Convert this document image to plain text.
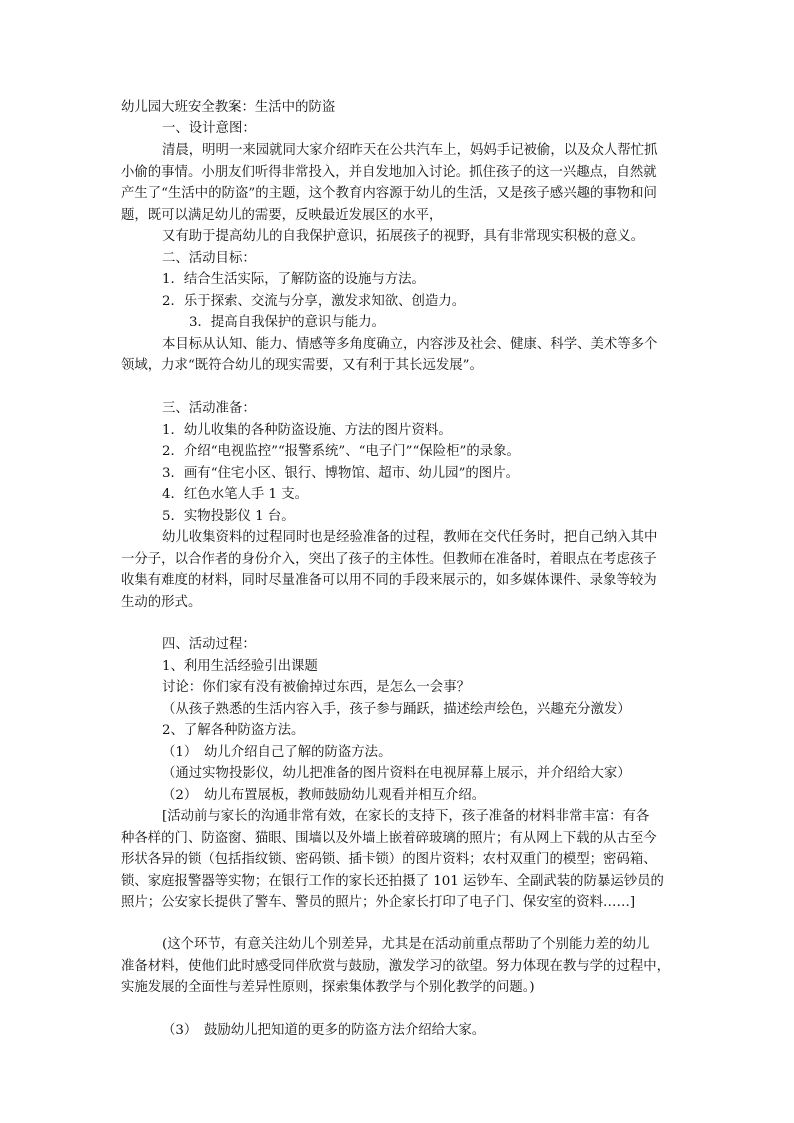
幼儿园大班安全教案：生活中的防盗
一、设计意图：
清晨，明明一来园就同大家介绍昨天在公共汽车上，妈妈手记被偷，以及众人帮忙抓
小偷的事情。小朋友们听得非常投入，并自发地加入讨论。抓住孩子的这一兴趣点，自然就
产生了“生活中的防盗”的主题，这个教育内容源于幼儿的生活，又是孩子感兴趣的事物和问
题，既可以满足幼儿的需要，反映最近发展区的水平，
又有助于提高幼儿的自我保护意识，拓展孩子的视野，具有非常现实积极的意义。
二、活动目标：
1．结合生活实际，了解防盗的设施与方法。
2．乐于探索、交流与分享，激发求知欲、创造力。
3．提高自我保护的意识与能力。
本目标从认知、能力、情感等多角度确立，内容涉及社会、健康、科学、美术等多个
领域，力求“既符合幼儿的现实需要，又有利于其长远发展”。
三、活动准备：
1．幼儿收集的各种防盗设施、方法的图片资料。
2．介绍“电视监控”“报警系统”、“电子门”“保险柜”的录象。
3．画有“住宅小区、银行、博物馆、超市、幼儿园”的图片。
4．红色水笔人手 1 支。
5．实物投影仪 1 台。
幼儿收集资料的过程同时也是经验准备的过程，教师在交代任务时，把自己纳入其中
一分子，以合作者的身份介入，突出了孩子的主体性。但教师在准备时，着眼点在考虑孩子
收集有难度的材料，同时尽量准备可以用不同的手段来展示的，如多媒体课件、录象等较为
生动的形式。
四、活动过程：
1、利用生活经验引出课题
讨论：你们家有没有被偷掉过东西，是怎么一会事？
（从孩子熟悉的生活内容入手，孩子参与踊跃，描述绘声绘色，兴趣充分激发）
2、了解各种防盗方法。
（1）　幼儿介绍自己了解的防盗方法。
（通过实物投影仪，幼儿把准备的图片资料在电视屏幕上展示，并介绍给大家）
（2）　幼儿布置展板，教师鼓励幼儿观看并相互介绍。
[活动前与家长的沟通非常有效，在家长的支持下，孩子准备的材料非常丰富：有各
种各样的门、防盗窗、猫眼、围墙以及外墙上嵌着碎玻璃的照片；有从网上下载的从古至今
形状各异的锁（包括指纹锁、密码锁、插卡锁）的图片资料；农村双重门的模型；密码箱、
锁、家庭报警器等实物；在银行工作的家长还拍摄了 101 运钞车、全副武装的防暴运钞员的
照片；公安家长提供了警车、警员的照片；外企家长打印了电子门、保安室的资料……]
(这个环节，有意关注幼儿个别差异，尤其是在活动前重点帮助了个别能力差的幼儿
准备材料，使他们此时感受同伴欣赏与鼓励，激发学习的欲望。努力体现在教与学的过程中，
实施发展的全面性与差异性原则，探索集体教学与个别化教学的问题。)
（3）　鼓励幼儿把知道的更多的防盗方法介绍给大家。
